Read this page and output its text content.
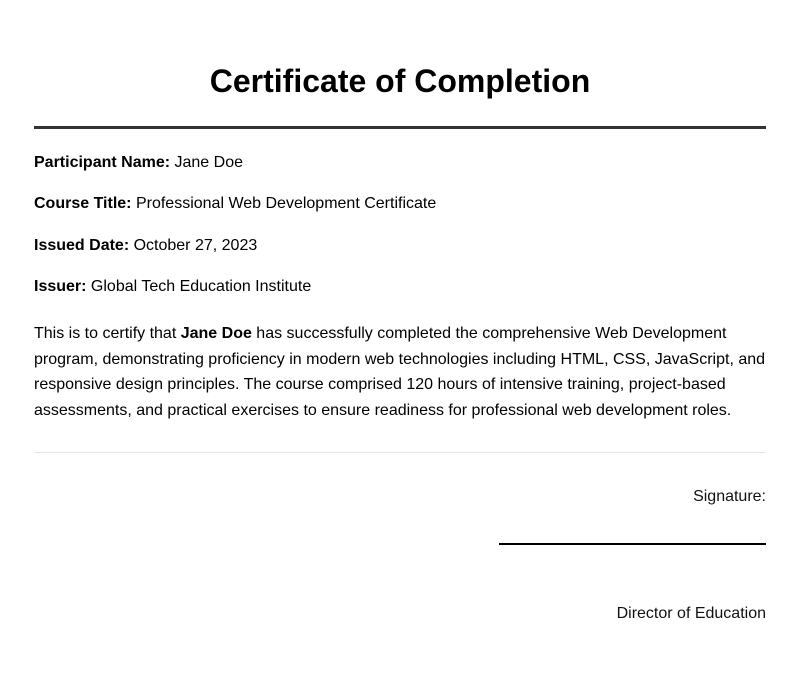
Certificate of Completion
Participant Name: Jane Doe
Course Title: Professional Web Development Certificate
Issued Date: October 27, 2023
Issuer: Global Tech Education Institute

This is to certify that Jane Doe has successfully completed the comprehensive Web Development program, demonstrating proficiency in modern web technologies including HTML, CSS, JavaScript, and responsive design principles. The course comprised 120 hours of intensive training, project-based assessments, and practical exercises to ensure readiness for professional web development roles.

Signature:
Director of Education
